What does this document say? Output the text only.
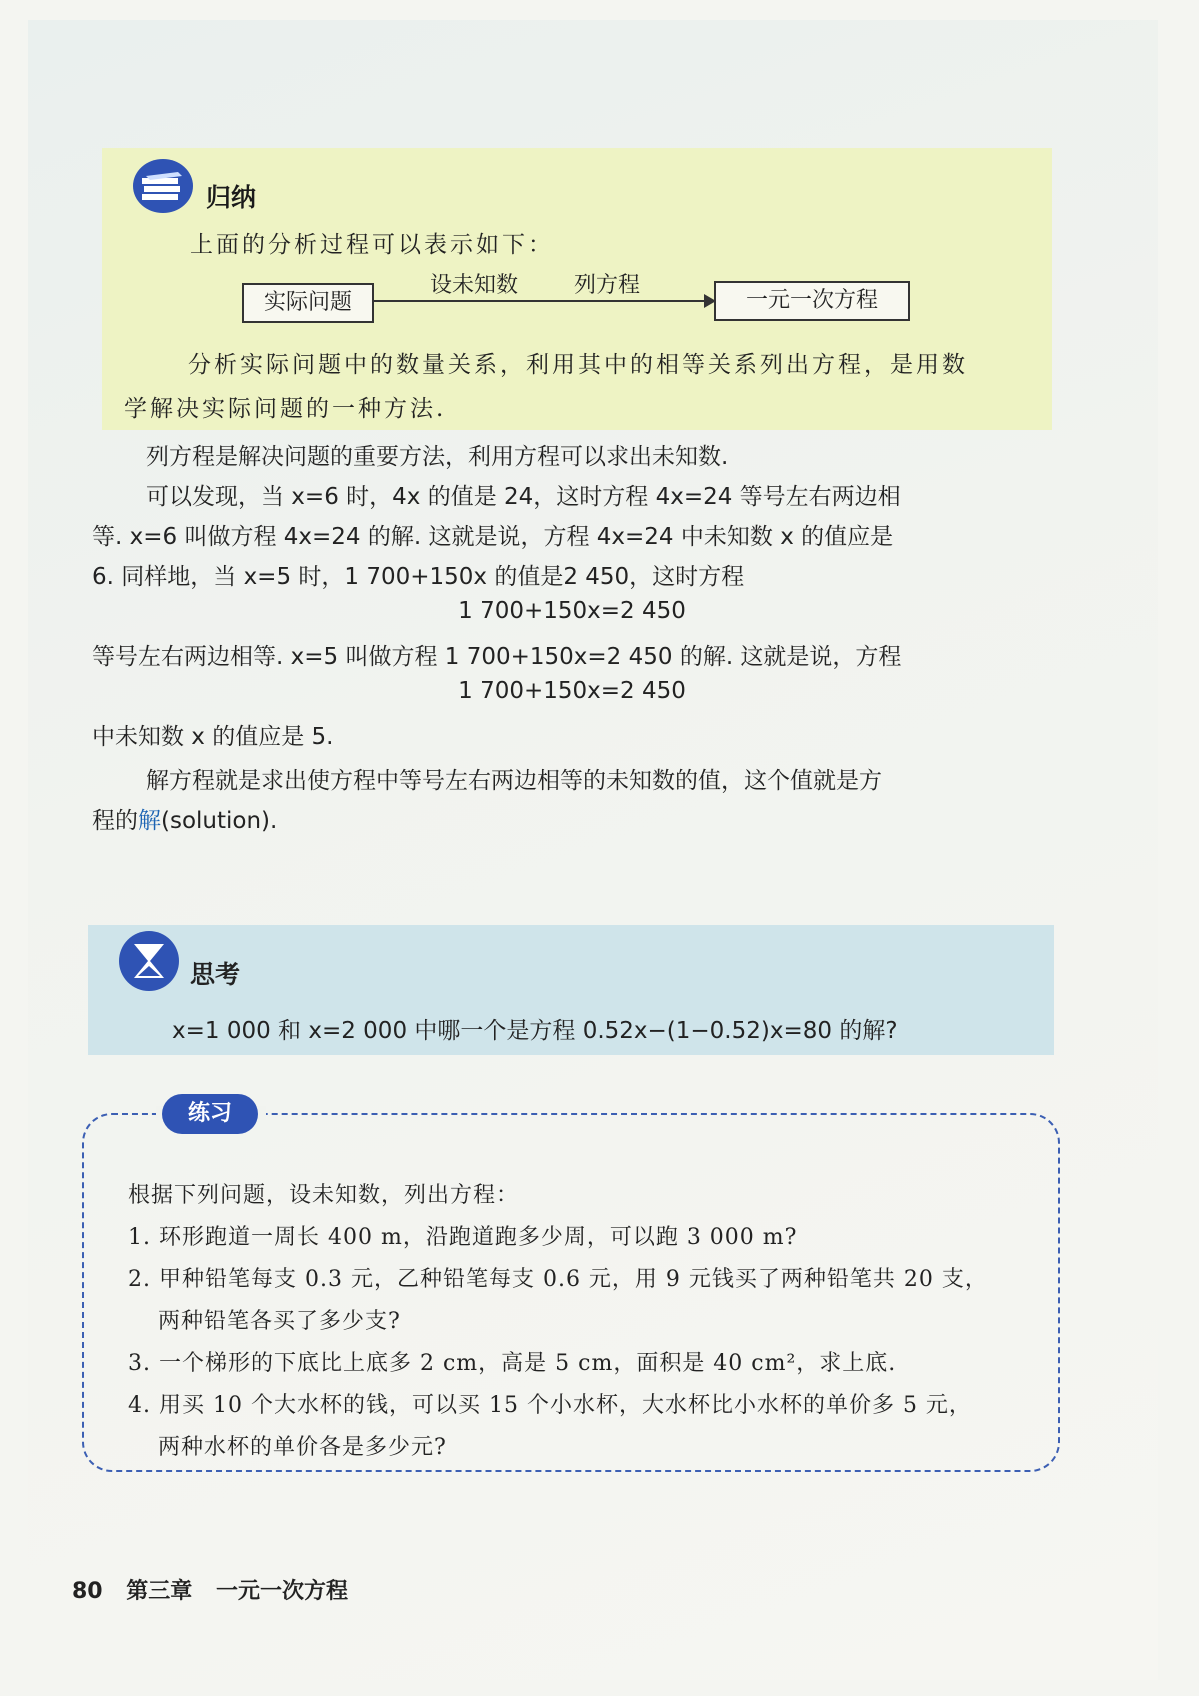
归纳
上面的分析过程可以表示如下：
实际问题
设未知数	列方程
一元一次方程
分析实际问题中的数量关系，利用其中的相等关系列出方程，是用数
学解决实际问题的一种方法.
列方程是解决问题的重要方法，利用方程可以求出未知数.
可以发现，当 x=6 时，4x 的值是 24，这时方程 4x=24 等号左右两边相
等. x=6 叫做方程 4x=24 的解. 这就是说，方程 4x=24 中未知数 x 的值应是
6. 同样地，当 x=5 时，1 700+150x 的值是2 450，这时方程
1 700+150x=2 450
等号左右两边相等. x=5 叫做方程 1 700+150x=2 450 的解. 这就是说，方程
1 700+150x=2 450
中未知数 x 的值应是 5.
解方程就是求出使方程中等号左右两边相等的未知数的值，这个值就是方
程的解(solution).
思考
x=1 000 和 x=2 000 中哪一个是方程 0.52x−(1−0.52)x=80 的解?
练习
根据下列问题，设未知数，列出方程：
1. 环形跑道一周长 400 m，沿跑道跑多少周，可以跑 3 000 m?
2. 甲种铅笔每支 0.3 元，乙种铅笔每支 0.6 元，用 9 元钱买了两种铅笔共 20 支，
两种铅笔各买了多少支?
3. 一个梯形的下底比上底多 2 cm，高是 5 cm，面积是 40 cm²，求上底.
4. 用买 10 个大水杯的钱，可以买 15 个小水杯，大水杯比小水杯的单价多 5 元，
两种水杯的单价各是多少元?
80 第三章 一元一次方程
